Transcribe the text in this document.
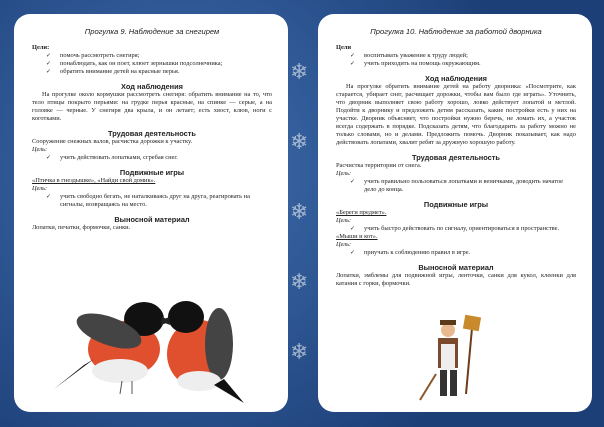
❄
❄
❄
❄
❄
Прогулка 9. Наблюдение за снегирем
Цели:
✓ помочь рассмотреть снегиря;
✓ понаблюдать, как он поет, клюет зернышки подсолнечника;
✓ обратить внимание детей на красные перья.
Ход наблюдения

На прогулке около кормушки рассмотреть снегиря: обратить внимание на то, что тело птицы покрыто перьями: на грудке перья красные, на спинке — серые, а на головке — черные. У снегиря два крыла, и он летает; есть хвост, клюв, ноги с коготками.

Трудовая деятельность

Сооружение снежных валов, расчистка дорожки к участку.

Цель:
✓ учить действовать лопатками, сгребая снег.
Подвижные игры

«Птичка в гнездышке», «Найди свой домик».

Цель:
✓ учить свободно бегать, не наталкиваясь друг на друга, реагировать на сигналы, возвращаясь на место.
Выносной материал

Лопатки, печатки, формочки, санки.

Прогулка 10. Наблюдение за работой дворника
Цели
✓ воспитывать уважение к труду людей;
✓ учить приходить на помощь окружающим.
Ход наблюдения

На прогулке обратить внимание детей на работу дворника: «Посмотрите, как старается, убирает снег, расчищает дорожки, чтобы вам было где играть». Уточнить, что дворник выполняет свою работу хорошо, ловко действует лопатой и метлой. Подойти к дворнику и предложить детям рассказать, какие постройки есть у них на участке. Дворник объясняет, что постройки нужно беречь, не ломать их, а участок всегда содержать в порядке. Подсказать детям, что благодарить за работу можно не только словами, но и делами. Предложить помочь. Дворник показывает, как надо действовать лопатами, хвалит ребят за дружную хорошую работу.

Трудовая деятельность

Расчистка территории от снега.

Цель:
✓ учить правильно пользоваться лопатками и веничками, доводить начатое дело до конца.
Подвижные игры

«Береги предмет».

Цель:
✓ учить быстро действовать по сигналу, ориентироваться в пространстве.

«Мыши и кот».

Цель:
✓ приучать к соблюдению правил в игре.
Выносной материал

Лопатки, эмблемы для подвижной игры, ленточки, санки для кукол, клеенки для катания с горки, формочки.
